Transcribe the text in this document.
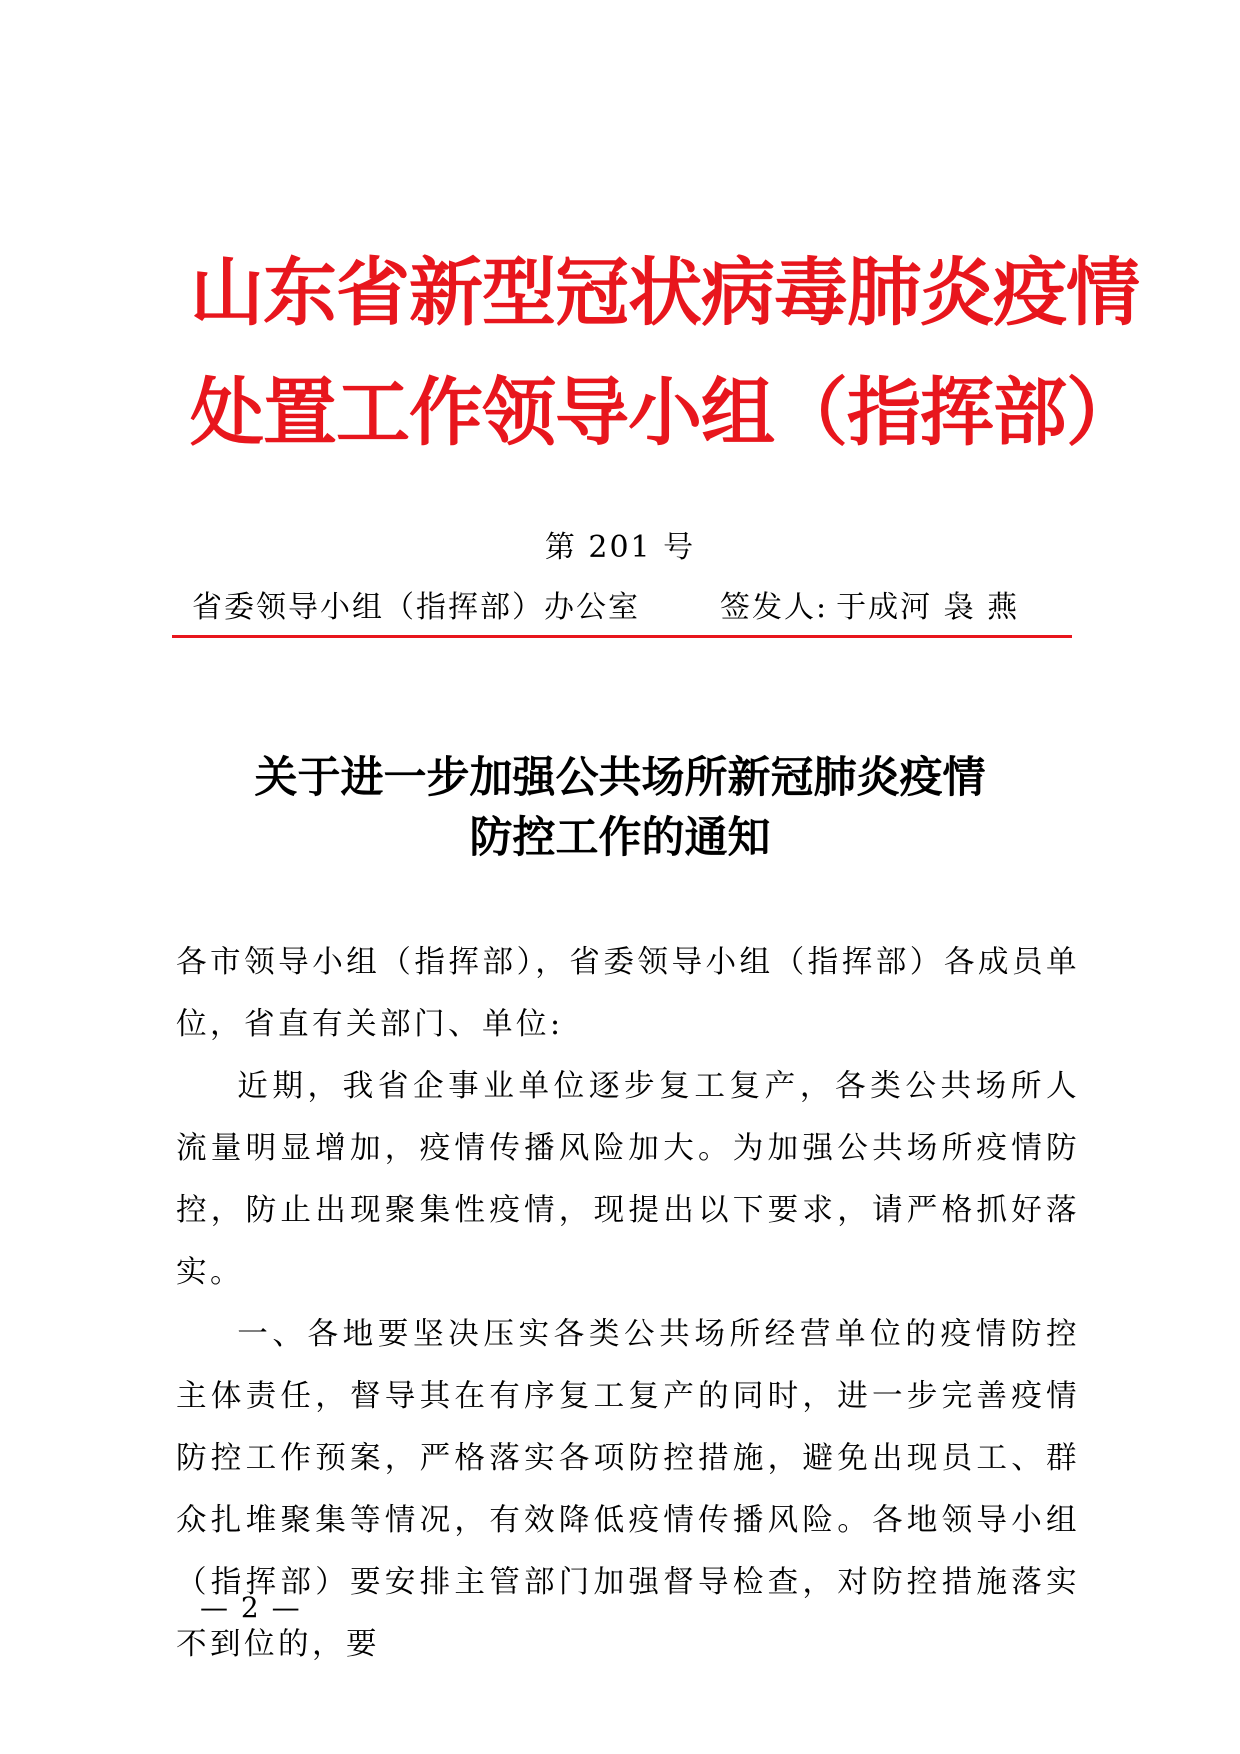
山东省新型冠状病毒肺炎疫情
处置工作领导小组（指挥部）
第 201 号
省委领导小组（指挥部）办公室	签发人: 于成河 袅 燕
关于进一步加强公共场所新冠肺炎疫情
防控工作的通知

各市领导小组（指挥部），省委领导小组（指挥部）各成员单位，省直有关部门、单位:

近期，我省企事业单位逐步复工复产，各类公共场所人流量明显增加，疫情传播风险加大。为加强公共场所疫情防控，防止出现聚集性疫情，现提出以下要求，请严格抓好落实。

一、各地要坚决压实各类公共场所经营单位的疫情防控主体责任，督导其在有序复工复产的同时，进一步完善疫情防控工作预案，严格落实各项防控措施，避免出现员工、群众扎堆聚集等情况，有效降低疫情传播风险。各地领导小组（指挥部）要安排主管部门加强督导检查，对防控措施落实不到位的，要

— 2 —
